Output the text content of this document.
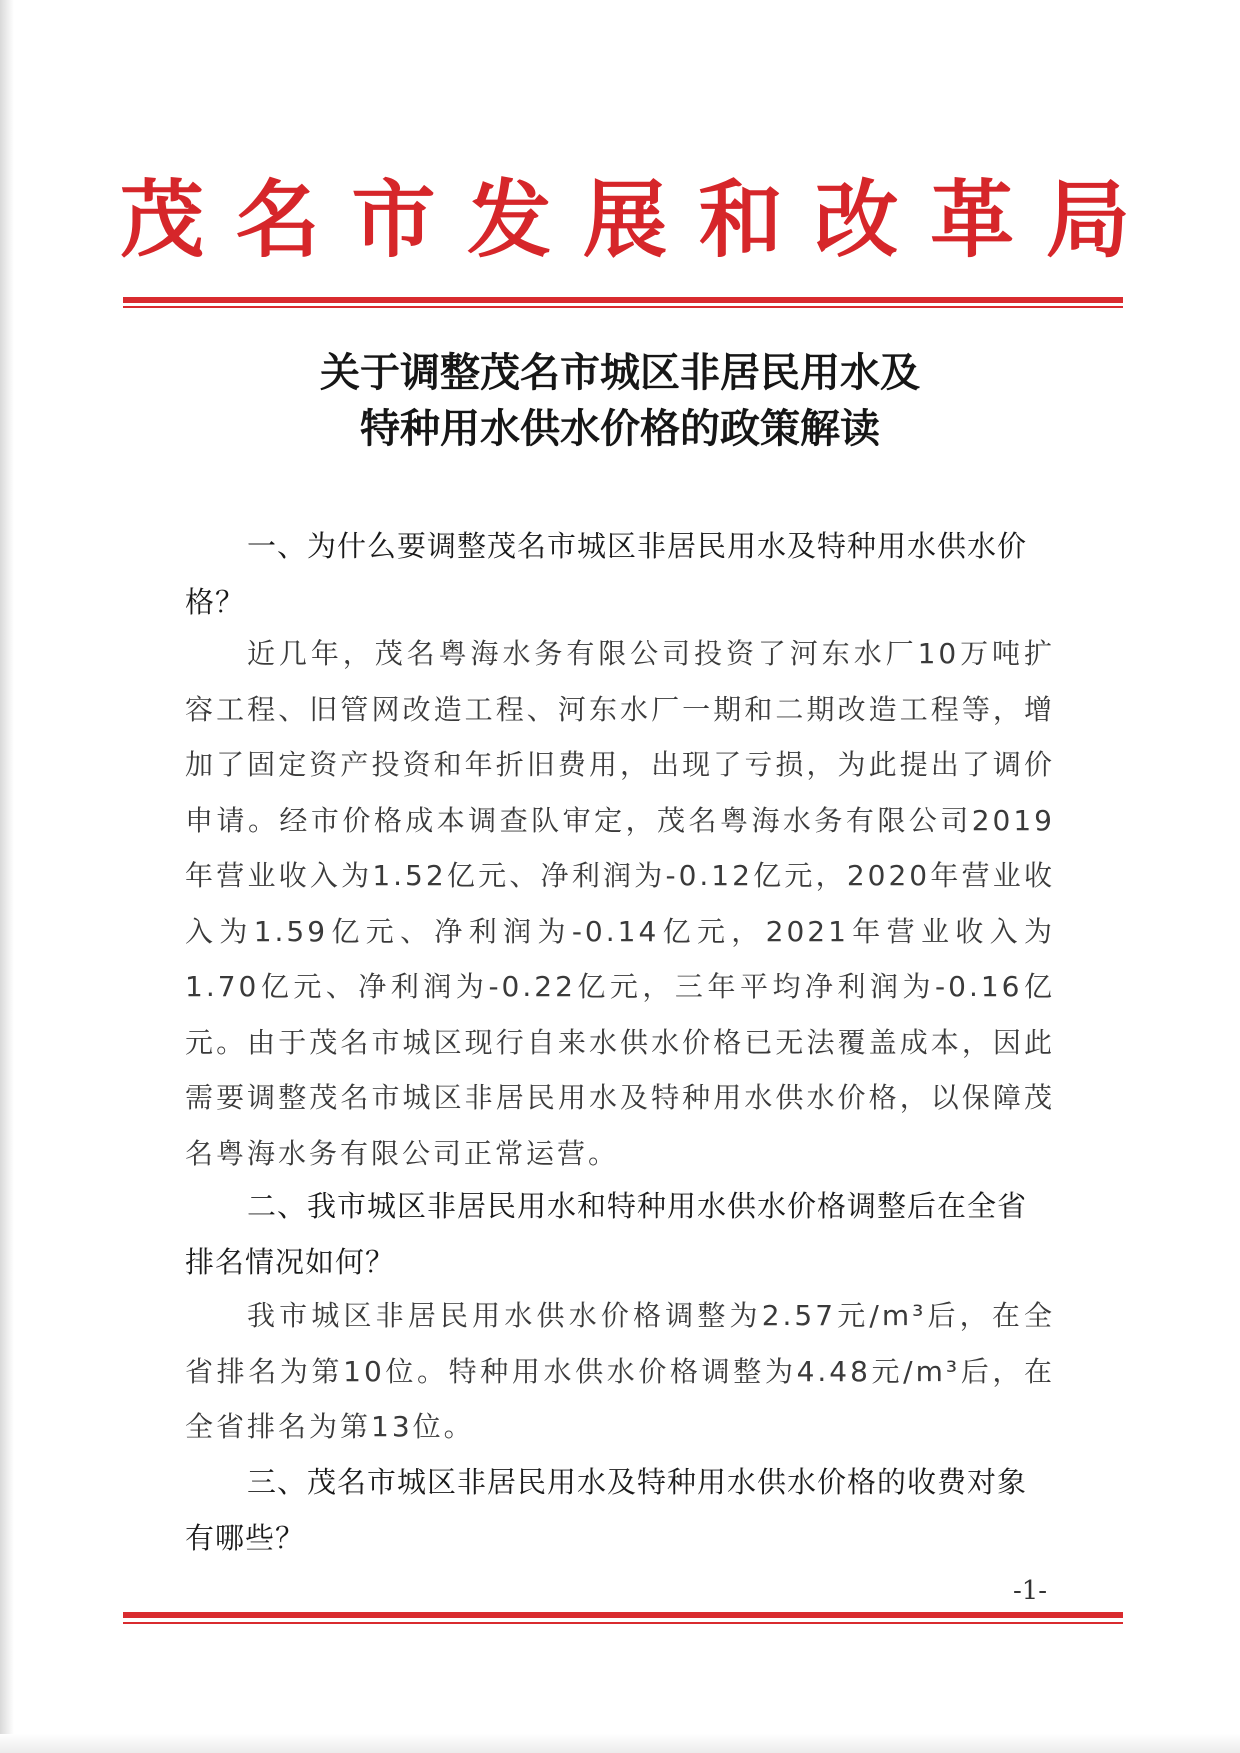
茂 名 市 发 展 和 改 革 局
关于调整茂名市城区非居民用水及
特种用水供水价格的政策解读
一、为什么要调整茂名市城区非居民用水及特种用水供水价格？
近几年，茂名粤海水务有限公司投资了河东水厂10万吨扩容工程、旧管网改造工程、河东水厂一期和二期改造工程等，增加了固定资产投资和年折旧费用，出现了亏损，为此提出了调价申请。经市价格成本调查队审定，茂名粤海水务有限公司2019年营业收入为1.52亿元、净利润为-0.12亿元，2020年营业收入为1.59亿元、净利润为-0.14亿元，2021年营业收入为1.70亿元、净利润为-0.22亿元，三年平均净利润为-0.16亿元。由于茂名市城区现行自来水供水价格已无法覆盖成本，因此需要调整茂名市城区非居民用水及特种用水供水价格，以保障茂名粤海水务有限公司正常运营。
二、我市城区非居民用水和特种用水供水价格调整后在全省排名情况如何？
我市城区非居民用水供水价格调整为2.57元/m³后，在全省排名为第10位。特种用水供水价格调整为4.48元/m³后，在全省排名为第13位。
三、茂名市城区非居民用水及特种用水供水价格的收费对象有哪些？
-1-
